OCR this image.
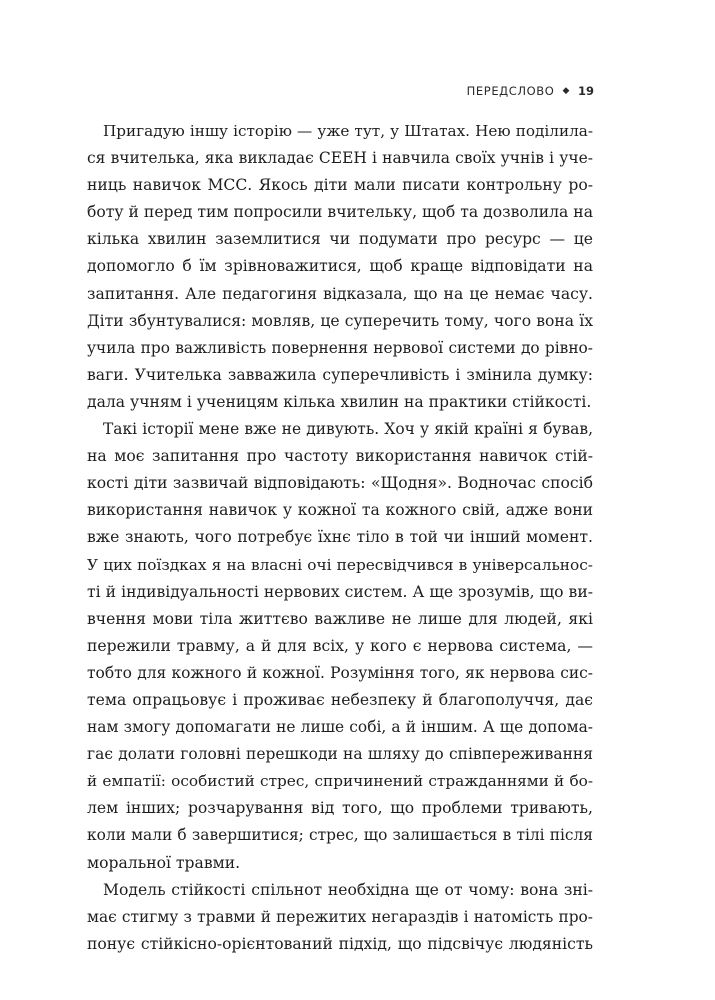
ПЕРЕДСЛОВО ◆ 19
Пригадую іншу історію — уже тут, у Штатах. Нею поділила-
ся вчителька, яка викладає СЕЕН і навчила своїх учнів і уче-
ниць навичок МСС. Якось діти мали писати контрольну ро-
боту й перед тим попросили вчительку, щоб та дозволила на
кілька хвилин заземлитися чи подумати про ресурс — це
допомогло б їм зрівноважитися, щоб краще відповідати на
запитання. Але педагогиня відказала, що на це немає часу.
Діти збунтувалися: мовляв, це суперечить тому, чого вона їх
учила про важливість повернення нервової системи до рівно-
ваги. Учителька завважила суперечливість і змінила думку:
дала учням і ученицям кілька хвилин на практики стійкості.
Такі історії мене вже не дивують. Хоч у якій країні я бував,
на моє запитання про частоту використання навичок стій-
кості діти зазвичай відповідають: «Щодня». Водночас спосіб
використання навичок у кожної та кожного свій, адже вони
вже знають, чого потребує їхнє тіло в той чи інший момент.
У цих поїздках я на власні очі пересвідчився в універсальнос-
ті й індивідуальності нервових систем. А ще зрозумів, що ви-
вчення мови тіла життєво важливе не лише для людей, які
пережили травму, а й для всіх, у кого є нервова система, —
тобто для кожного й кожної. Розуміння того, як нервова сис-
тема опрацьовує і проживає небезпеку й благополуччя, дає
нам змогу допомагати не лише собі, а й іншим. А ще допома-
гає долати головні перешкоди на шляху до співпереживання
й емпатії: особистий стрес, спричинений стражданнями й бо-
лем інших; розчарування від того, що проблеми тривають,
коли мали б завершитися; стрес, що залишається в тілі після
моральної травми.
Модель стійкості спільнот необхідна ще от чому: вона зні-
має стигму з травми й пережитих негараздів і натомість про-
понує стійкісно-орієнтований підхід, що підсвічує людяність
